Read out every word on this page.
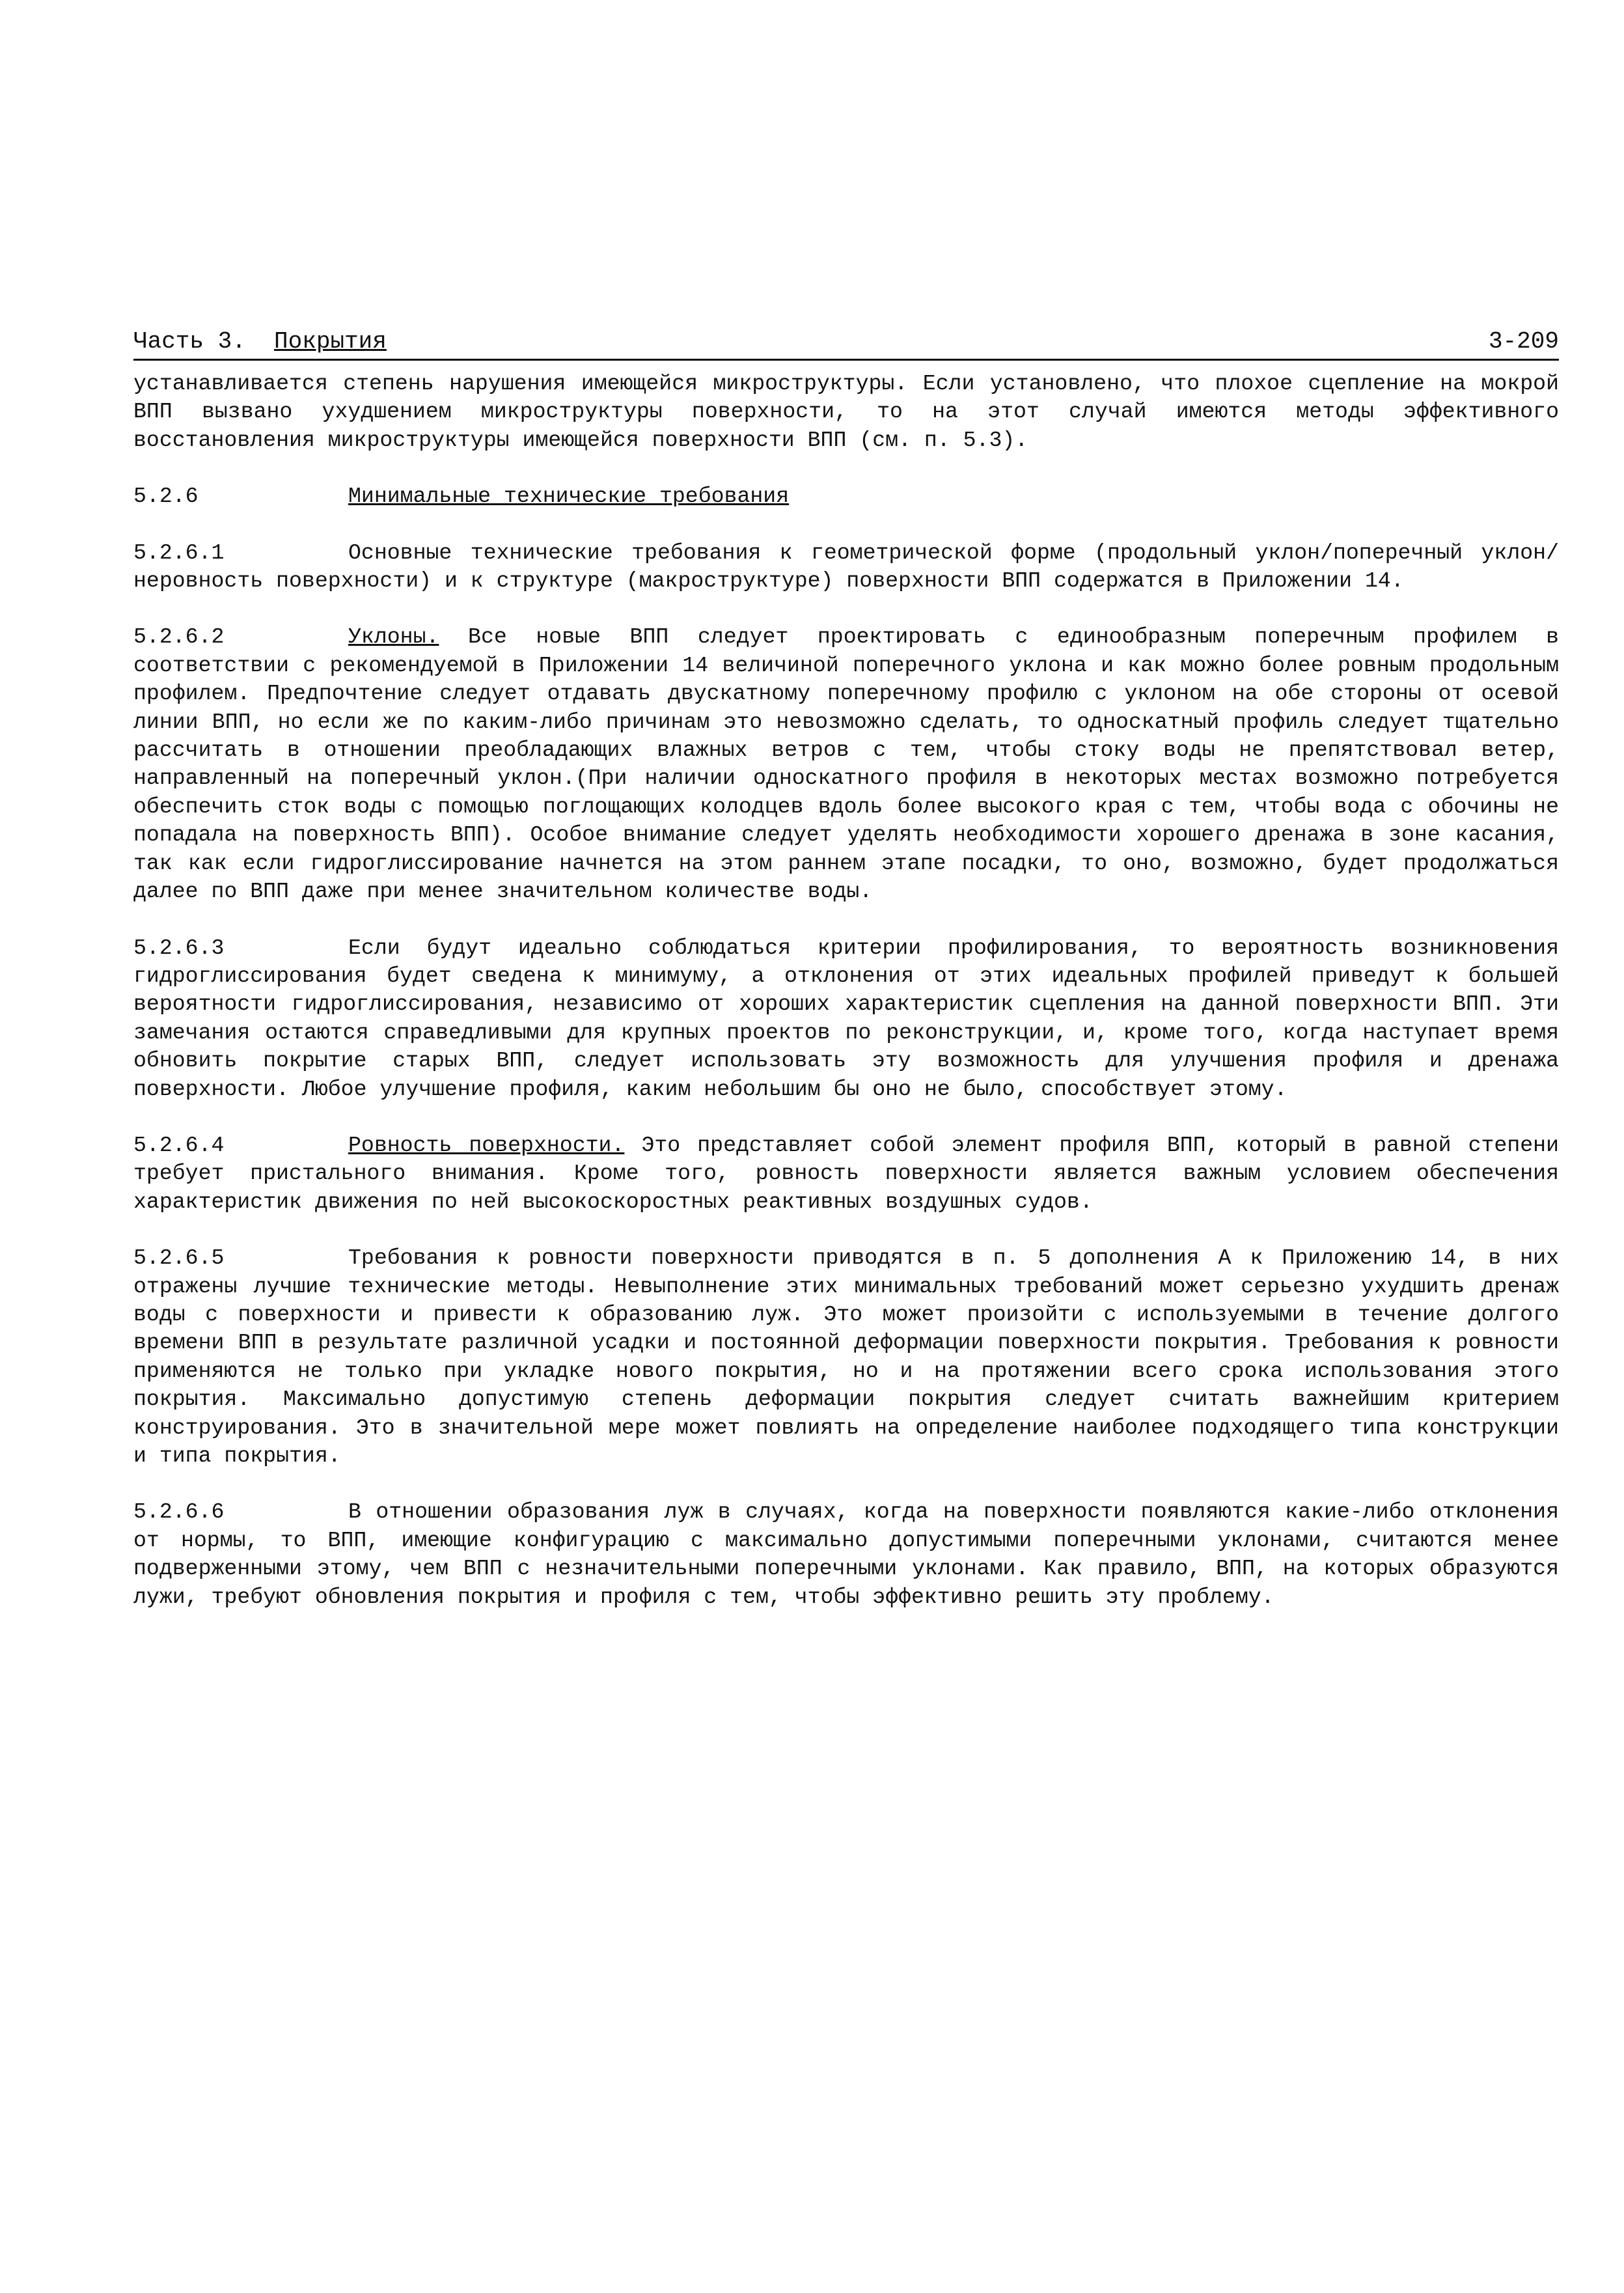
Часть 3. Покрытия	3-209

устанавливается степень нарушения имеющейся микроструктуры. Если установлено, что плохое сцепление на мокрой ВПП вызвано ухудшением микроструктуры поверхности, то на этот случай имеются методы эффективного восстановления микроструктуры имеющейся поверхности ВПП (см. п. 5.3).

5.2.6	Минимальные технические требования

5.2.6.1	Основные технические требования к геометрической форме (продольный уклон/поперечный уклон/неровность поверхности) и к структуре (макроструктуре) поверхности ВПП содержатся в Приложении 14.

5.2.6.2	Уклоны. Все новые ВПП следует проектировать с единообразным поперечным профилем в соответствии с рекомендуемой в Приложении 14 величиной поперечного уклона и как можно более ровным продольным профилем. Предпочтение следует отдавать двускатному поперечному профилю с уклоном на обе стороны от осевой линии ВПП, но если же по каким-либо причинам это невозможно сделать, то односкатный профиль следует тщательно рассчитать в отношении преобладающих влажных ветров с тем, чтобы стоку воды не препятствовал ветер, направленный на поперечный уклон.(При наличии односкатного профиля в некоторых местах возможно потребуется обеспечить сток воды с помощью поглощающих колодцев вдоль более высокого края с тем, чтобы вода с обочины не попадала на поверхность ВПП). Особое внимание следует уделять необходимости хорошего дренажа в зоне касания, так как если гидроглиссирование начнется на этом раннем этапе посадки, то оно, возможно, будет продолжаться далее по ВПП даже при менее значительном количестве воды.

5.2.6.3	Если будут идеально соблюдаться критерии профилирования, то вероятность возникновения гидроглиссирования будет сведена к минимуму, а отклонения от этих идеальных профилей приведут к большей вероятности гидроглиссирования, независимо от хороших характеристик сцепления на данной поверхности ВПП. Эти замечания остаются справедливыми для крупных проектов по реконструкции, и, кроме того, когда наступает время обновить покрытие старых ВПП, следует использовать эту возможность для улучшения профиля и дренажа поверхности. Любое улучшение профиля, каким небольшим бы оно не было, способствует этому.

5.2.6.4	Ровность поверхности. Это представляет собой элемент профиля ВПП, который в равной степени требует пристального внимания. Кроме того, ровность поверхности является важным условием обеспечения характеристик движения по ней высокоскоростных реактивных воздушных судов.

5.2.6.5	Требования к ровности поверхности приводятся в п. 5 дополнения А к Приложению 14, в них отражены лучшие технические методы. Невыполнение этих минимальных требований может серьезно ухудшить дренаж воды с поверхности и привести к образованию луж. Это может произойти с используемыми в течение долгого времени ВПП в результате различной усадки и постоянной деформации поверхности покрытия. Требования к ровности применяются не только при укладке нового покрытия, но и на протяжении всего срока использования этого покрытия. Максимально допустимую степень деформации покрытия следует считать важнейшим критерием конструирования. Это в значительной мере может повлиять на определение наиболее подходящего типа конструкции и типа покрытия.

5.2.6.6	В отношении образования луж в случаях, когда на поверхности появляются какие-либо отклонения от нормы, то ВПП, имеющие конфигурацию с максимально допустимыми поперечными уклонами, считаются менее подверженными этому, чем ВПП с незначительными поперечными уклонами. Как правило, ВПП, на которых образуются лужи, требуют обновления покрытия и профиля с тем, чтобы эффективно решить эту проблему.
